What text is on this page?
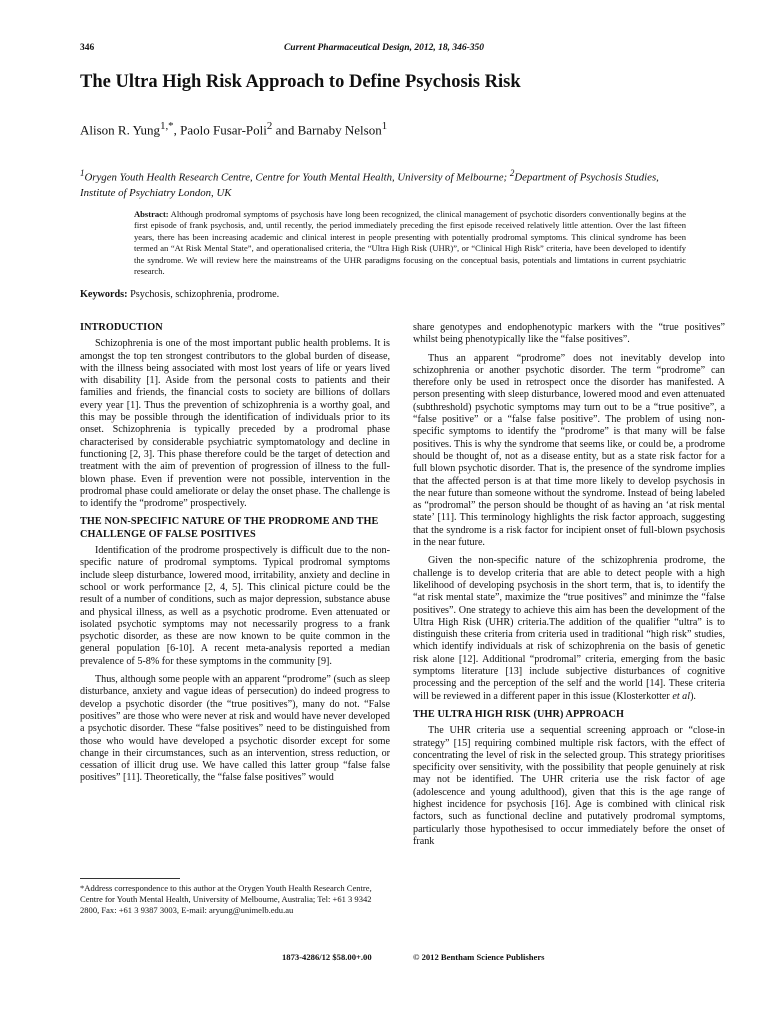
346	Current Pharmaceutical Design, 2012, 18, 346-350
The Ultra High Risk Approach to Define Psychosis Risk
Alison R. Yung$^{1,*}$, Paolo Fusar-Poli$^2$ and Barnaby Nelson$^1$
$^1$Orygen Youth Health Research Centre, Centre for Youth Mental Health, University of Melbourne; $^2$Department of Psychosis Studies, Institute of Psychiatry London, UK
Abstract: Although prodromal symptoms of psychosis have long been recognized, the clinical management of psychotic disorders conventionally begins at the first episode of frank psychosis, and, until recently, the period immediately preceding the first episode received relatively little attention. Over the last fifteen years, there has been increasing academic and clinical interest in people presenting with potentially prodromal symptoms. This clinical syndrome has been termed an “At Risk Mental State”, and operationalised criteria, the “Ultra High Risk (UHR)”, or “Clinical High Risk” criteria, have been developed to identify the syndrome. We will review here the mainstreams of the UHR paradigms focusing on the conceptual basis, potentials and limtations in current psychiatric research.
Keywords: Psychosis, schizophrenia, prodrome.
INTRODUCTION

Schizophrenia is one of the most important public health problems. It is amongst the top ten strongest contributors to the global burden of disease, with the illness being associated with most lost years of life or years lived with disability [1]. Aside from the personal costs to patients and their families and friends, the financial costs to society are billions of dollars every year [1]. Thus the prevention of schizophrenia is a worthy goal, and this may be possible through the identification of individuals prior to its onset. Schizophrenia is typically preceded by a prodromal phase characterised by considerable psychiatric symptomatology and decline in functioning [2, 3]. This phase therefore could be the target of detection and treatment with the aim of prevention of progression of illness to the full-blown phase. Even if prevention were not possible, intervention in the prodromal phase could ameliorate or delay the onset phase. The challenge is to identify the “prodrome” prospectively.

THE NON-SPECIFIC NATURE OF THE PRODROME AND THE CHALLENGE OF FALSE POSITIVES

Identification of the prodrome prospectively is difficult due to the non-specific nature of prodromal symptoms. Typical prodromal symptoms include sleep disturbance, lowered mood, irritability, anxiety and decline in school or work performance [2, 4, 5]. This clinical picture could be the result of a number of conditions, such as major depression, substance abuse and physical illness, as well as a psychotic prodrome. Even attenuated or isolated psychotic symptoms may not necessarily progress to a frank psychotic disorder, as these are now known to be quite common in the general population [6-10]. A recent meta-analysis reported a median prevalence of 5-8% for these symptoms in the community [9].

Thus, although some people with an apparent “prodrome” (such as sleep disturbance, anxiety and vague ideas of persecution) do indeed progress to develop a psychotic disorder (the “true positives”), many do not. “False positives” are those who were never at risk and would have never developed a psychotic disorder. These “false positives” need to be distinguished from those who would have developed a psychotic disorder except for some change in their circumstances, such as an intervention, stress reduction, or cessation of illicit drug use. We have called this latter group “false false positives” [11]. Theoretically, the “false false positives” would

share genotypes and endophenotypic markers with the “true positives” whilst being phenotypically like the “false positives”.

Thus an apparent “prodrome” does not inevitably develop into schizophrenia or another psychotic disorder. The term “prodrome” can therefore only be used in retrospect once the disorder has manifested. A person presenting with sleep disturbance, lowered mood and even attenuated (subthreshold) psychotic symptoms may turn out to be a “true positive”, a “false positive” or a “false false positive”. The problem of using non-specific symptoms to identify the “prodrome” is that many will be false positives. This is why the syndrome that seems like, or could be, a prodrome should be thought of, not as a disease entity, but as a state risk factor for a full blown psychotic disorder. That is, the presence of the syndrome implies that the affected person is at that time more likely to develop psychosis in the near future than someone without the syndrome. Instead of being labeled as “prodromal” the person should be thought of as having an ‘at risk mental state’ [11]. This terminology highlights the risk factor approach, suggesting that the syndrome is a risk factor for incipient onset of full-blown psychosis in the near future.

Given the non-specific nature of the schizophrenia prodrome, the challenge is to develop criteria that are able to detect people with a high likelihood of developing psychosis in the short term, that is, to identify the “at risk mental state”, maximize the “true positives” and minimze the “false positives”. One strategy to achieve this aim has been the development of the Ultra High Risk (UHR) criteria.The addition of the qualifier “ultra” is to distinguish these criteria from criteria used in traditional “high risk” studies, which identify individuals at risk of schizophrenia on the basis of genetic risk alone [12]. Additional “prodromal” criteria, emerging from the basic symptoms literature [13] include subjective disturbances of cognitive processing and the perception of the self and the world [14]. These criteria will be reviewed in a different paper in this issue (Klosterkotter et al).

THE ULTRA HIGH RISK (UHR) APPROACH

The UHR criteria use a sequential screening approach or “close-in strategy” [15] requiring combined multiple risk factors, with the effect of concentrating the level of risk in the selected group. This strategy prioritises specificity over sensitivity, with the possibility that people genuinely at risk may not be identified. The UHR criteria use the risk factor of age (adolescence and young adulthood), given that this is the age range of highest incidence for psychosis [16]. Age is combined with clinical risk factors, such as functional decline and putatively prodromal symptoms, particularly those hypothesised to occur immediately before the onset of frank

*Address correspondence to this author at the Orygen Youth Health Research Centre, Centre for Youth Mental Health, University of Melbourne, Australia; Tel: +61 3 9342 2800, Fax: +61 3 9387 3003, E-mail: aryung@unimelb.edu.au
1873-4286/12 $58.00+.00	© 2012 Bentham Science Publishers
